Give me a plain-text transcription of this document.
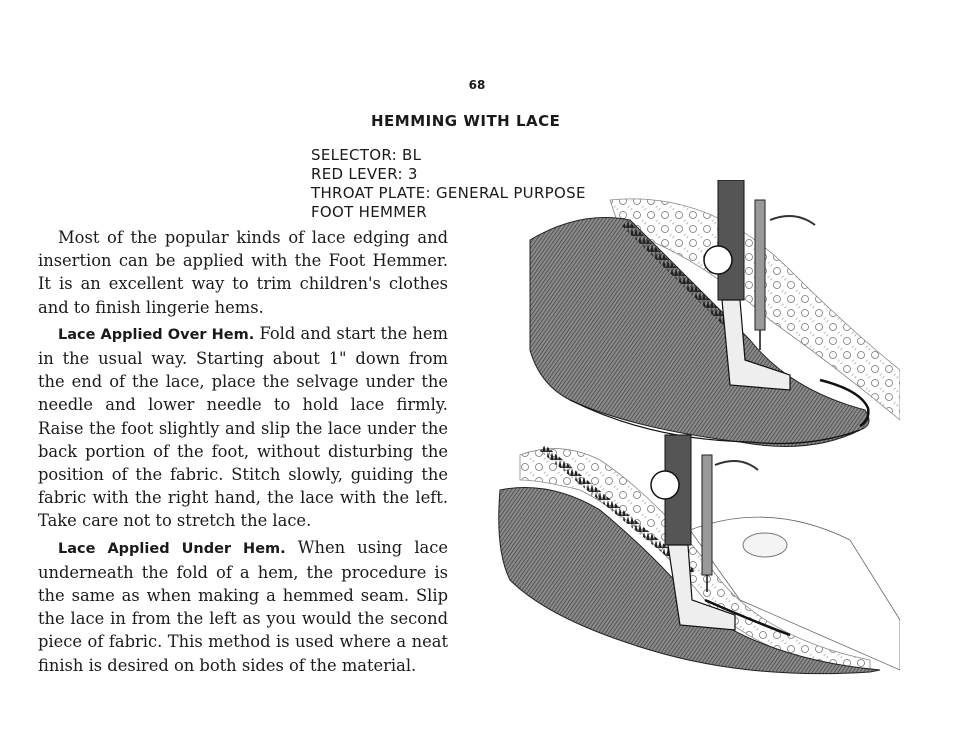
68
HEMMING WITH LACE
SELECTOR: BL
RED LEVER: 3
THROAT PLATE: GENERAL PURPOSE
FOOT HEMMER

Most of the popular kinds of lace edging and insertion can be applied with the Foot Hemmer. It is an excellent way to trim children's clothes and to finish lingerie hems.

Lace Applied Over Hem. Fold and start the hem in the usual way. Starting about 1" down from the end of the lace, place the selvage under the needle and lower needle to hold lace firmly. Raise the foot slightly and slip the lace under the back portion of the foot, without disturbing the position of the fabric. Stitch slowly, guiding the fabric with the right hand, the lace with the left. Take care not to stretch the lace.

Lace Applied Under Hem. When using lace underneath the fold of a hem, the procedure is the same as when making a hemmed seam. Slip the lace in from the left as you would the second piece of fabric. This method is used where a neat finish is desired on both sides of the material.
